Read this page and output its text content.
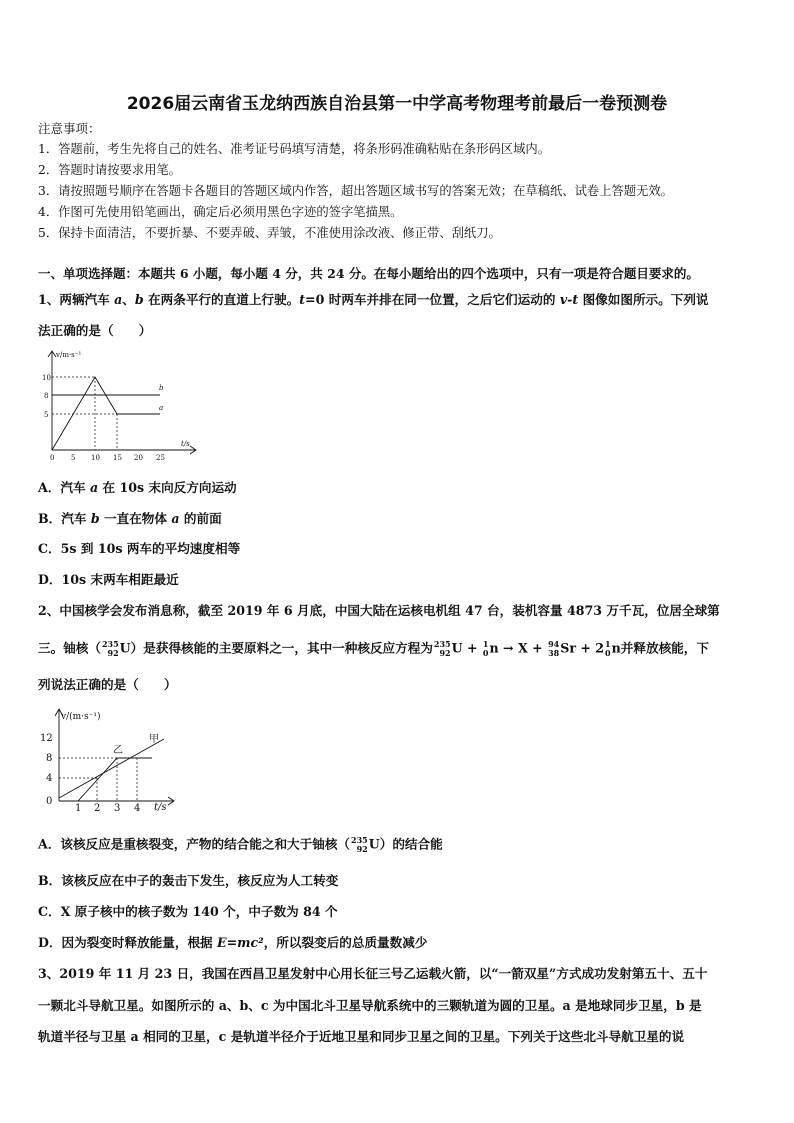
2026届云南省玉龙纳西族自治县第一中学高考物理考前最后一卷预测卷
注意事项：
1．答题前，考生先将自己的姓名、准考证号码填写清楚，将条形码准确粘贴在条形码区域内。
2．答题时请按要求用笔。
3．请按照题号顺序在答题卡各题目的答题区域内作答，超出答题区域书写的答案无效；在草稿纸、试卷上答题无效。
4．作图可先使用铅笔画出，确定后必须用黑色字迹的签字笔描黑。
5．保持卡面清洁，不要折暴、不要弄破、弄皱，不准使用涂改液、修正带、刮纸刀。
一、单项选择题：本题共 6 小题，每小题 4 分，共 24 分。在每小题给出的四个选项中，只有一项是符合题目要求的。
1、两辆汽车 a、b 在两条平行的直道上行驶。t=0 时两车并排在同一位置，之后它们运动的 v-t 图像如图所示。下列说
法正确的是（　　）
v/m·s⁻¹
t/s
10
8
5
0 5 10 15 20 25
b
a
A．汽车 a 在 10s 末向反方向运动
B．汽车 b 一直在物体 a 的前面
C．5s 到 10s 两车的平均速度相等
D．10s 末两车相距最近
2、中国核学会发布消息称，截至 2019 年 6 月底，中国大陆在运核电机组 47 台，装机容量 4873 万千瓦，位居全球第
三。铀核（ 235
92 U）是获得核能的主要原料之一，其中一种核反应方程为 235
92 U + 1
0 n → X + 94
38 Sr + 2 1
0 n并释放核能，下
列说法正确的是（　　）
v/(m·s⁻¹)
t/s
12
8
4
0
1 2 3 4
甲
乙
A．该核反应是重核裂变，产物的结合能之和大于铀核（ 235
92 U）的结合能
B．该核反应在中子的轰击下发生，核反应为人工转变
C．X 原子核中的核子数为 140 个，中子数为 84 个
D．因为裂变时释放能量，根据 E=mc²，所以裂变后的总质量数减少
3、2019 年 11 月 23 日，我国在西昌卫星发射中心用长征三号乙运载火箭，以“一箭双星”方式成功发射第五十、五十
一颗北斗导航卫星。如图所示的 a、b、c 为中国北斗卫星导航系统中的三颗轨道为圆的卫星。a 是地球同步卫星，b 是
轨道半径与卫星 a 相同的卫星，c 是轨道半径介于近地卫星和同步卫星之间的卫星。下列关于这些北斗导航卫星的说
